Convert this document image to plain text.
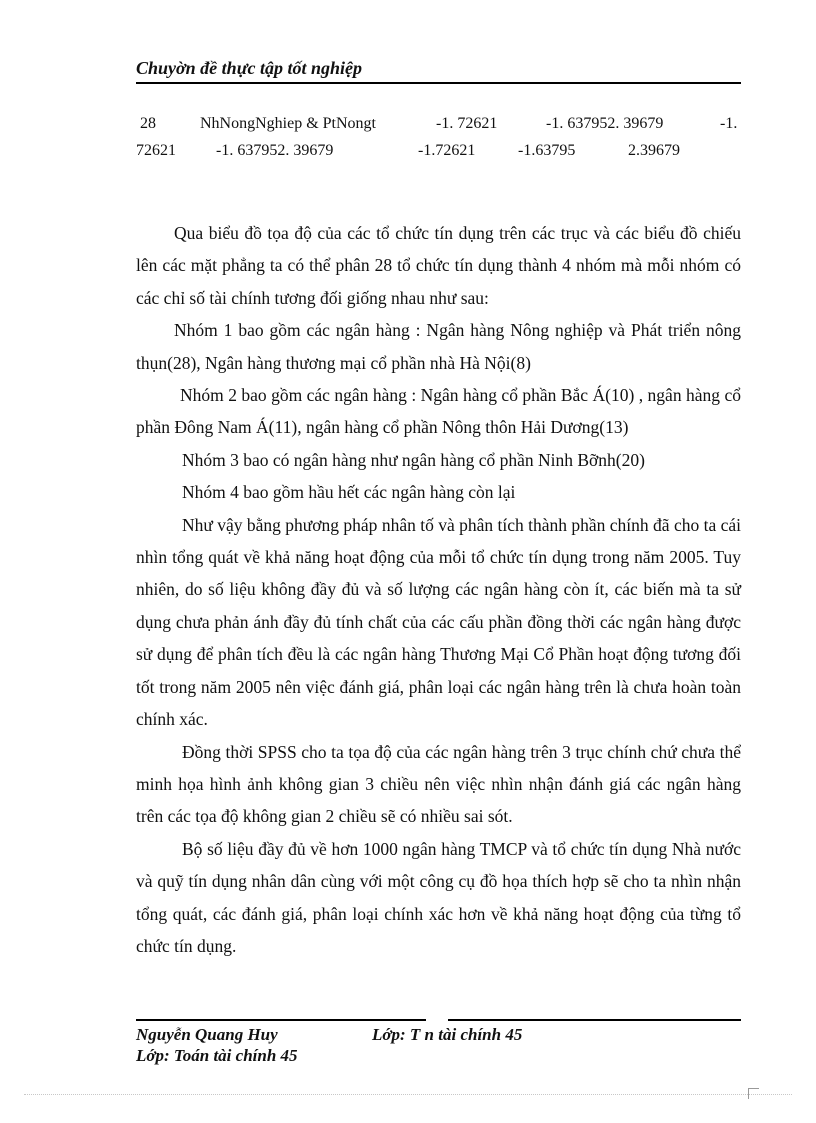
Chuyờn đề thực tập tốt nghiệp
28	NhNongNghiep & PtNongt	-1. 72621	-1. 637952. 39679	-1.
72621	-1. 637952. 39679	-1.72621	-1.63795	2.39679

Qua biểu đồ tọa độ của các tổ chức tín dụng trên các trục và các biểu đồ chiếu lên các mặt phẳng ta có thể phân 28 tổ chức tín dụng thành 4 nhóm mà mỗi nhóm có các chỉ số tài chính tương đối giống nhau như sau:

Nhóm 1 bao gồm các ngân hàng : Ngân hàng Nông nghiệp và Phát triển nông thụn(28), Ngân hàng thương mại cổ phần nhà Hà Nội(8)

Nhóm 2 bao gồm các ngân hàng : Ngân hàng cổ phần Bắc Á(10) , ngân hàng cổ phần Đông Nam Á(11), ngân hàng cổ phần Nông thôn Hải Dương(13)

Nhóm 3 bao có ngân hàng như ngân hàng cổ phần Ninh Bỡnh(20)

Nhóm 4 bao gồm hầu hết các ngân hàng còn lại

Như vậy bằng phương pháp nhân tố và phân tích thành phần chính đã cho ta cái nhìn tổng quát về khả năng hoạt động của mỗi tổ chức tín dụng trong năm 2005. Tuy nhiên, do số liệu không đầy đủ và số lượng các ngân hàng còn ít, các biến mà ta sử dụng chưa phản ánh đầy đủ tính chất của các cấu phần đồng thời các ngân hàng được sử dụng để phân tích đều là các ngân hàng Thương Mại Cổ Phần hoạt động tương đối tốt trong năm 2005 nên việc đánh giá, phân loại các ngân hàng trên là chưa hoàn toàn chính xác.

Đồng thời SPSS cho ta tọa độ của các ngân hàng trên 3 trục chính chứ chưa thể minh họa hình ảnh không gian 3 chiều nên việc nhìn nhận đánh giá các ngân hàng trên các tọa độ không gian 2 chiều sẽ có nhiều sai sót.

Bộ số liệu đầy đủ về hơn 1000 ngân hàng TMCP và tổ chức tín dụng Nhà nước và quỹ tín dụng nhân dân cùng với một công cụ đồ họa thích hợp sẽ cho ta nhìn nhận tổng quát, các đánh giá, phân loại chính xác hơn về khả năng hoạt động của từng tổ chức tín dụng.

Nguyễn Quang Huy	Lớp: T n tài chính 45
Lớp: Toán tài chính 45
